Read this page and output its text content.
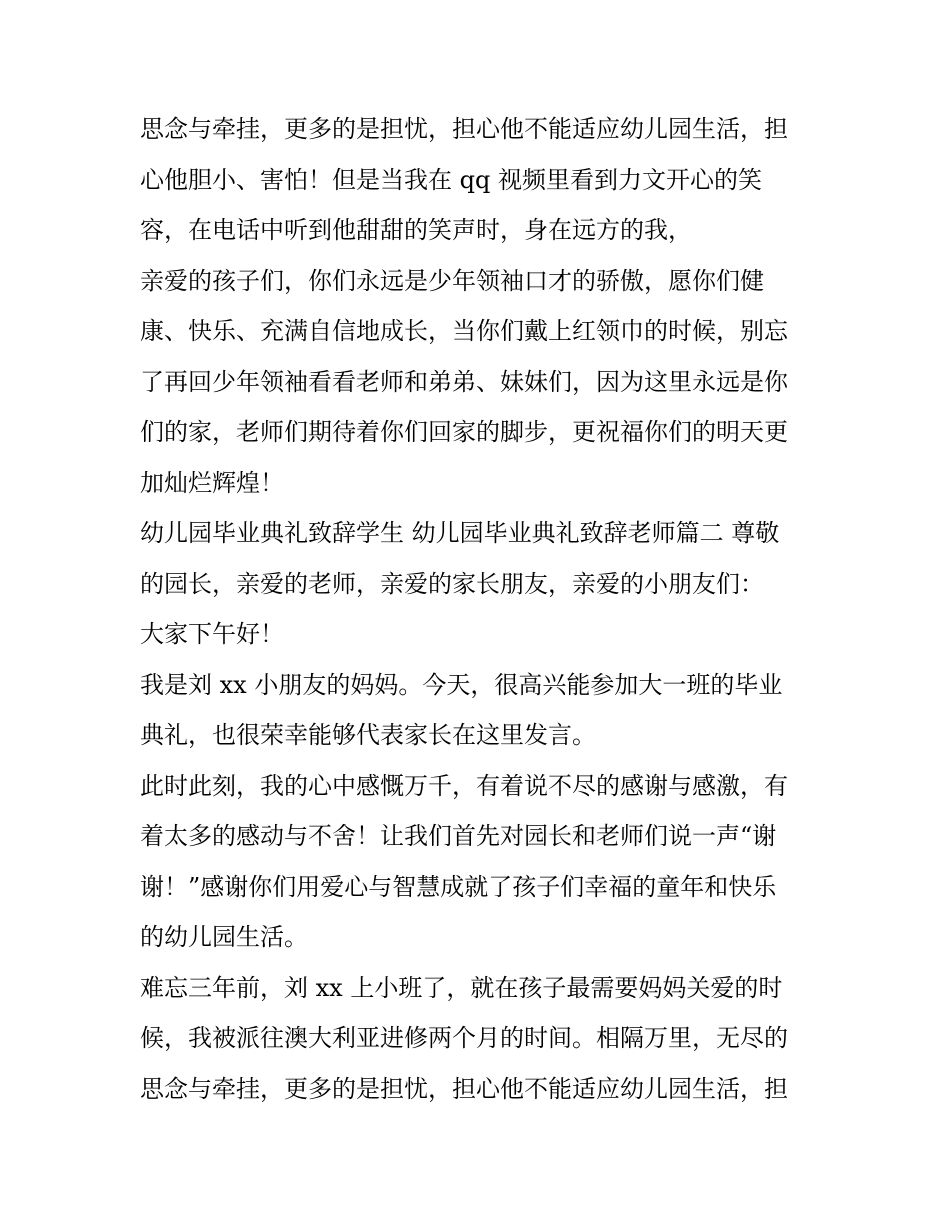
思念与牵挂，更多的是担忧，担心他不能适应幼儿园生活，担
心他胆小、害怕！但是当我在 qq 视频里看到力文开心的笑
容，在电话中听到他甜甜的笑声时，身在远方的我，
亲爱的孩子们，你们永远是少年领袖口才的骄傲，愿你们健
康、快乐、充满自信地成长，当你们戴上红领巾的时候，别忘
了再回少年领袖看看老师和弟弟、妹妹们，因为这里永远是你
们的家，老师们期待着你们回家的脚步，更祝福你们的明天更
加灿烂辉煌！
幼儿园毕业典礼致辞学生 幼儿园毕业典礼致辞老师篇二 尊敬
的园长，亲爱的老师，亲爱的家长朋友，亲爱的小朋友们：
大家下午好！
我是刘 xx 小朋友的妈妈。今天，很高兴能参加大一班的毕业
典礼，也很荣幸能够代表家长在这里发言。
此时此刻，我的心中感慨万千，有着说不尽的感谢与感激，有
着太多的感动与不舍！让我们首先对园长和老师们说一声“谢
谢！”感谢你们用爱心与智慧成就了孩子们幸福的童年和快乐
的幼儿园生活。
难忘三年前，刘 xx 上小班了，就在孩子最需要妈妈关爱的时
候，我被派往澳大利亚进修两个月的时间。相隔万里，无尽的
思念与牵挂，更多的是担忧，担心他不能适应幼儿园生活，担
